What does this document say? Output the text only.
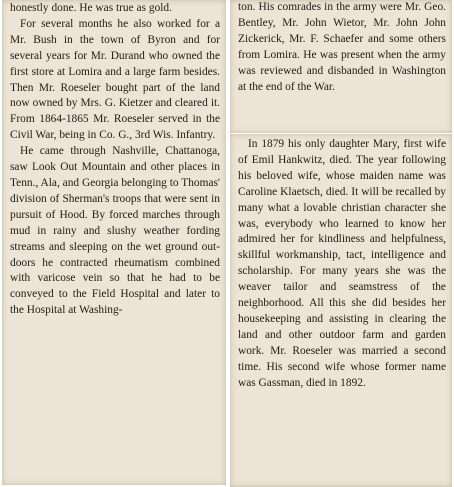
honestly done. He was true as gold.

For several months he also worked for a Mr. Bush in the town of Byron and for several years for Mr. Durand who owned the first store at Lomira and a large farm besides. Then Mr. Roeseler bought part of the land now owned by Mrs. G. Kietzer and cleared it. From 1864-1865 Mr. Roeseler served in the Civil War, being in Co. G., 3rd Wis. Infantry.

He came through Nashville, Chattanoga, saw Look Out Mountain and other places in Tenn., Ala, and Georgia belonging to Thomas' division of Sherman's troops that were sent in pursuit of Hood. By forced marches through mud in rainy and slushy weather fording streams and sleeping on the wet ground out-doors he contracted rheumatism combined with varicose vein so that he had to be conveyed to the Field Hospital and later to the Hospital at Washing-

ton. His comrades in the army were Mr. Geo. Bentley, Mr. John Wietor, Mr. John John Zickerick, Mr. F. Schaefer and some others from Lomira. He was present when the army was reviewed and disbanded in Washington at the end of the War.

In 1879 his only daughter Mary, first wife of Emil Hankwitz, died. The year following his beloved wife, whose maiden name was Caroline Klaetsch, died. It will be recalled by many what a lovable christian character she was, everybody who learned to know her admired her for kindliness and helpfulness, skillful workmanship, tact, intelligence and scholarship. For many years she was the weaver tailor and seamstress of the neighborhood. All this she did besides her housekeeping and assisting in clearing the land and other outdoor farm and garden work. Mr. Roeseler was married a second time. His second wife whose former name was Gassman, died in 1892.
